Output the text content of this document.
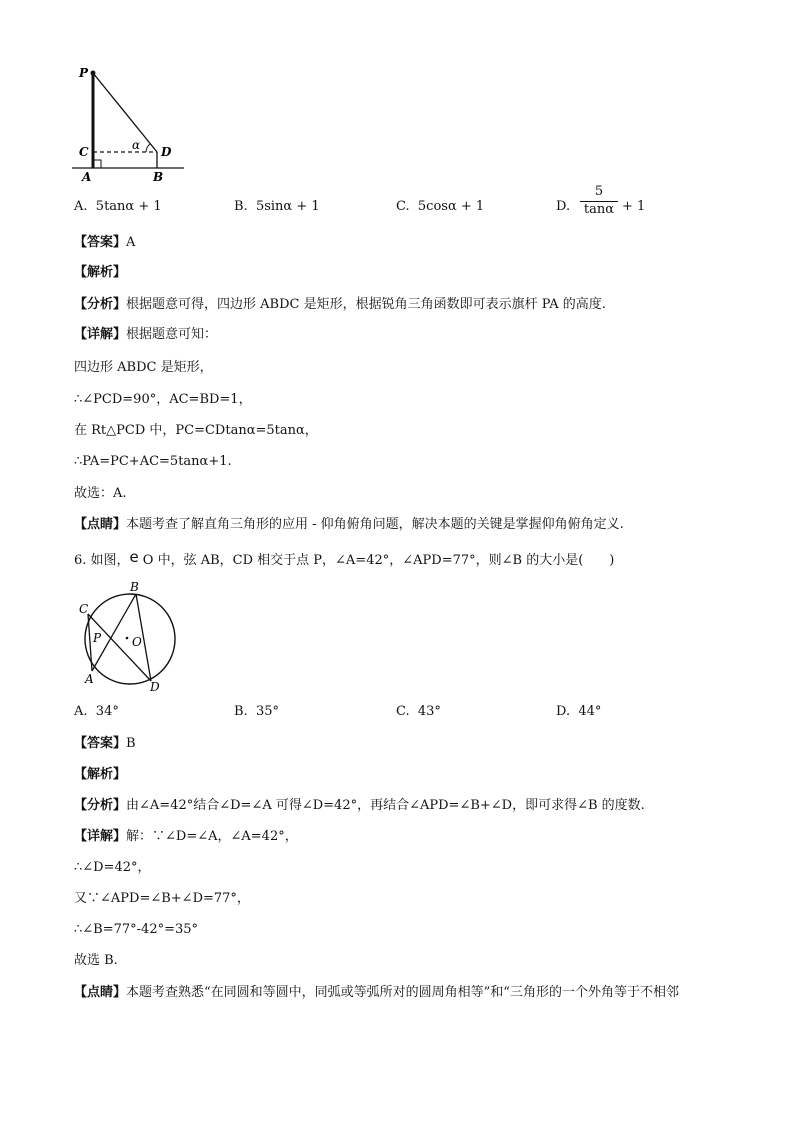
P
C
A
D
B
α
A. 5tanα + 1	B. 5sinα + 1	C. 5cosα + 1	D.
5
tanα + 1
【答案】A
【解析】
【分析】根据题意可得，四边形 ABDC 是矩形，根据锐角三角函数即可表示旗杆 PA 的高度.
【详解】根据题意可知：
四边形 ABDC 是矩形，
∴∠PCD=90°，AC=BD=1，
在 Rt△PCD 中，PC=CDtanα=5tanα，
∴PA=PC+AC=5tanα+1.
故选：A.
【点睛】本题考查了解直角三角形的应用 - 仰角俯角问题，解决本题的关键是掌握仰角俯角定义.
6. 如图，e O 中，弦 AB，CD 相交于点 P，∠A=42°，∠APD=77°，则∠B 的大小是(　　)
C
B
P	O
A
D
A. 34°	B. 35°	C. 43°	D. 44°
【答案】B
【解析】
【分析】由∠A=42°结合∠D=∠A 可得∠D=42°，再结合∠APD=∠B+∠D，即可求得∠B 的度数.
【详解】解：∵∠D=∠A，∠A=42°，
∴∠D=42°，
又∵∠APD=∠B+∠D=77°，
∴∠B=77°-42°=35°
故选 B.
【点睛】本题考查熟悉“在同圆和等圆中，同弧或等弧所对的圆周角相等”和“三角形的一个外角等于不相邻
